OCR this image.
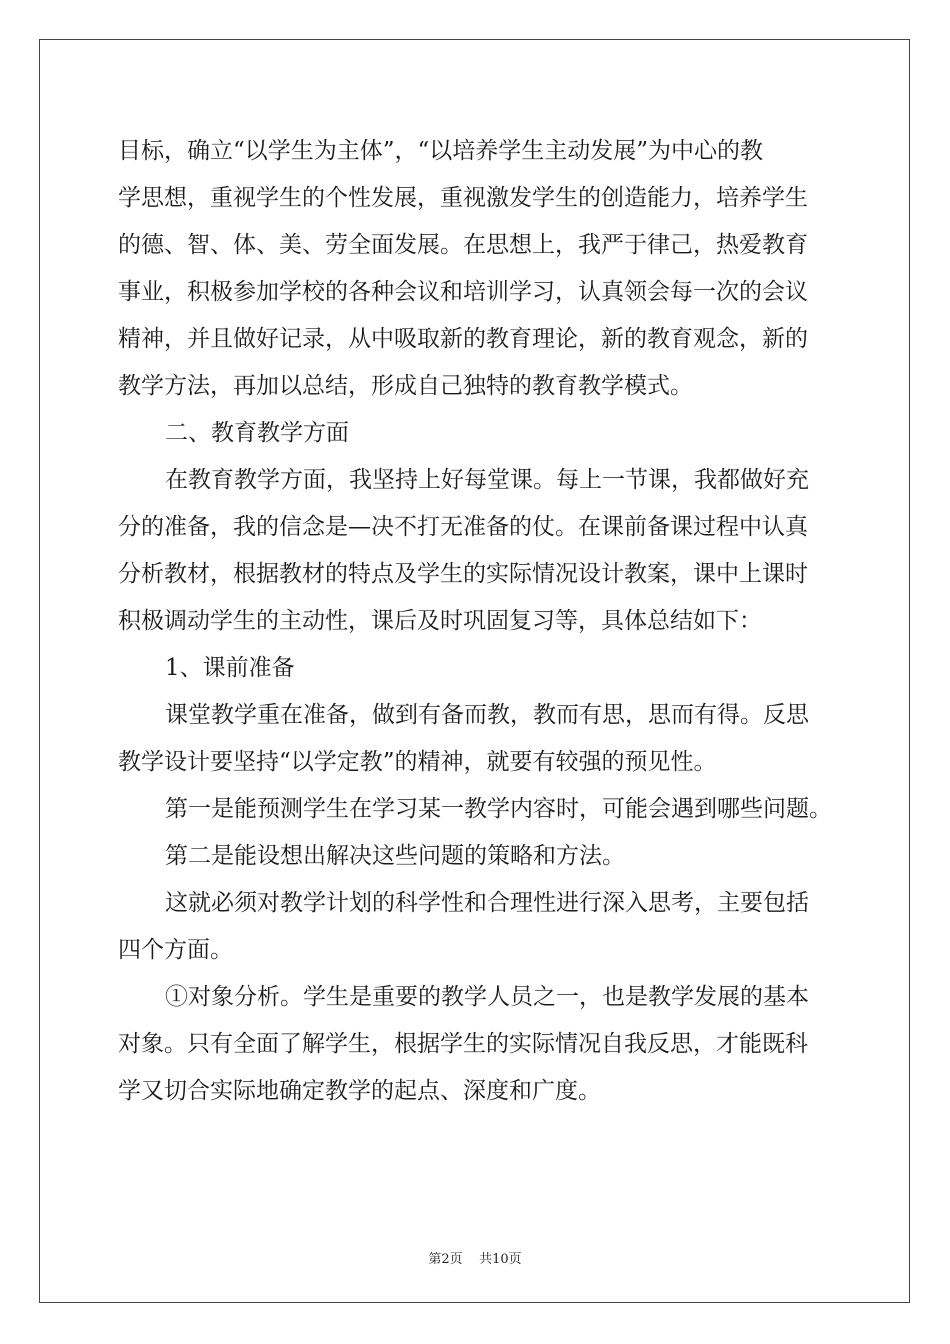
目标，确立“以学生为主体”，“以培养学生主动发展”为中心的教
学思想，重视学生的个性发展，重视激发学生的创造能力，培养学生
的德、智、体、美、劳全面发展。在思想上，我严于律己，热爱教育
事业，积极参加学校的各种会议和培训学习，认真领会每一次的会议
精神，并且做好记录，从中吸取新的教育理论，新的教育观念，新的
教学方法，再加以总结，形成自己独特的教育教学模式。
二、教育教学方面
在教育教学方面，我坚持上好每堂课。每上一节课，我都做好充
分的准备，我的信念是—决不打无准备的仗。在课前备课过程中认真
分析教材，根据教材的特点及学生的实际情况设计教案，课中上课时
积极调动学生的主动性，课后及时巩固复习等，具体总结如下：
1、课前准备
课堂教学重在准备，做到有备而教，教而有思，思而有得。反思
教学设计要坚持“以学定教”的精神，就要有较强的预见性。
第一是能预测学生在学习某一教学内容时，可能会遇到哪些问题。
第二是能设想出解决这些问题的策略和方法。
这就必须对教学计划的科学性和合理性进行深入思考，主要包括
四个方面。
①对象分析。学生是重要的教学人员之一，也是教学发展的基本
对象。只有全面了解学生，根据学生的实际情况自我反思，才能既科
学又切合实际地确定教学的起点、深度和广度。
第2页    共10页
